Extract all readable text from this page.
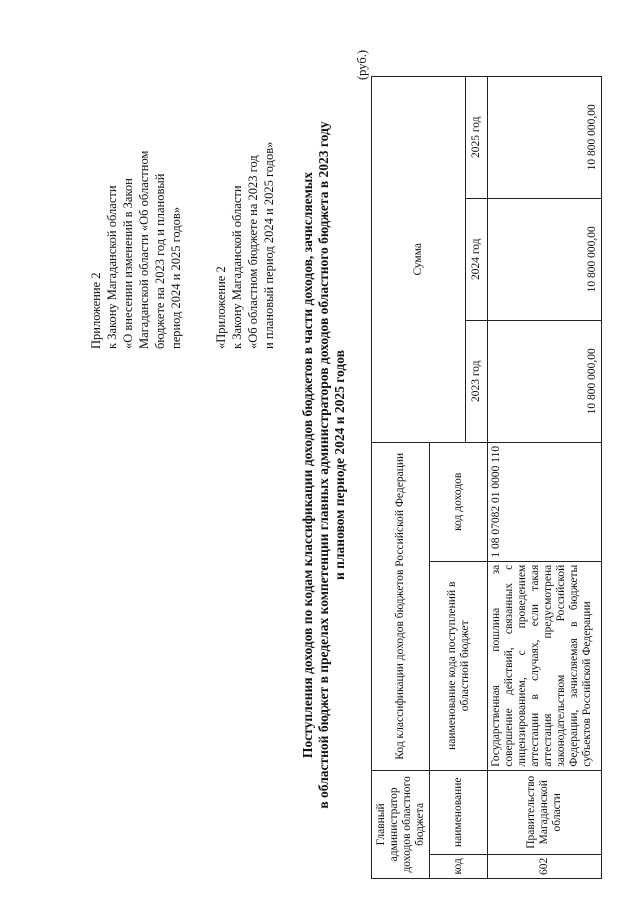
Приложение 2 к Закону Магаданской области «О внесении изменений в Закон Магаданской области «Об областном бюджете на 2023 год и плановый период 2024 и 2025 годов» «Приложение 2 к Закону Магаданской области «Об областном бюджете на 2023 год и плановый период 2024 и 2025 годов» Поступления доходов по кодам классификации доходов бюджетов в части доходов, зачисляемых в областной бюджет в пределах компетенции главных администраторов доходов областного бюджета в 2023 году и плановом периоде 2024 и 2025 годов
(руб.)
Главный администратор доходов областного бюджета		Код классификации доходов бюджетов Российской Федерации		Сумма		
код	наименование	наименование кода поступлений в областной бюджет	код доходов			
				2023 год	2024 год	2025 год
602	Правительство Магаданской области	Государственная пошлина за совершение действий, связанных с лицензированием, с проведением аттестации в случаях, если такая аттестация предусмотрена законодательством Российской Федерации, зачисляемая в бюджеты субъектов Российской Федерации	1 08 07082 01 0000 110	10 800 000,00	10 800 000,00	10 800 000,00
